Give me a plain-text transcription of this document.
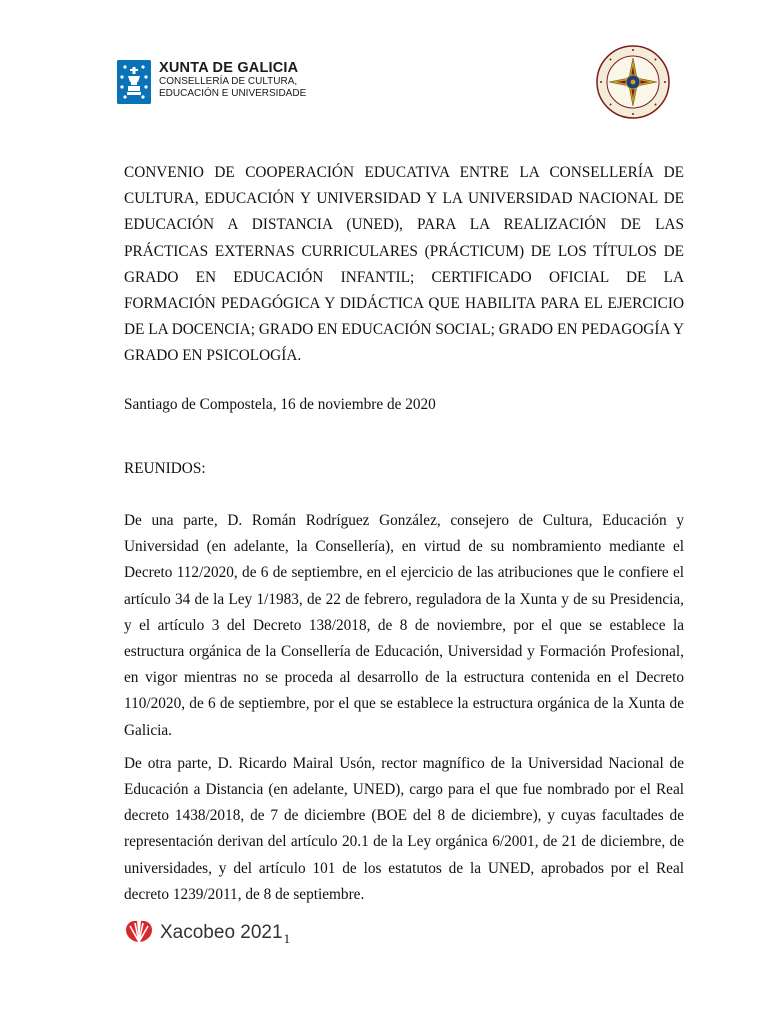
XUNTA DE GALICIA
CONSELLERÍA DE CULTURA,
EDUCACIÓN E UNIVERSIDADE

CONVENIO DE COOPERACIÓN EDUCATIVA ENTRE LA CONSELLERÍA DE CULTURA, EDUCACIÓN Y UNIVERSIDAD Y LA UNIVERSIDAD NACIONAL DE EDUCACIÓN A DISTANCIA (UNED), PARA LA REALIZACIÓN DE LAS PRÁCTICAS EXTERNAS CURRICULARES (PRÁCTICUM) DE LOS TÍTULOS DE GRADO EN EDUCACIÓN INFANTIL; CERTIFICADO OFICIAL DE LA FORMACIÓN PEDAGÓGICA Y DIDÁCTICA QUE HABILITA PARA EL EJERCICIO DE LA DOCENCIA; GRADO EN EDUCACIÓN SOCIAL; GRADO EN PEDAGOGÍA Y GRADO EN PSICOLOGÍA.

Santiago de Compostela, 16 de noviembre de 2020
REUNIDOS:

De una parte, D. Román Rodríguez González, consejero de Cultura, Educación y Universidad (en adelante, la Consellería), en virtud de su nombramiento mediante el Decreto 112/2020, de 6 de septiembre, en el ejercicio de las atribuciones que le confiere el artículo 34 de la Ley 1/1983, de 22 de febrero, reguladora de la Xunta y de su Presidencia, y el artículo 3 del Decreto 138/2018, de 8 de noviembre, por el que se establece la estructura orgánica de la Consellería de Educación, Universidad y Formación Profesional, en vigor mientras no se proceda al desarrollo de la estructura contenida en el Decreto 110/2020, de 6 de septiembre, por el que se establece la estructura orgánica de la Xunta de Galicia.

De otra parte, D. Ricardo Mairal Usón, rector magnífico de la Universidad Nacional de Educación a Distancia (en adelante, UNED), cargo para el que fue nombrado por el Real decreto 1438/2018, de 7 de diciembre (BOE del 8 de diciembre), y cuyas facultades de representación derivan del artículo 20.1 de la Ley orgánica 6/2001, de 21 de diciembre, de universidades, y del artículo 101 de los estatutos de la UNED, aprobados por el Real decreto 1239/2011, de 8 de septiembre.

Xacobeo 2021 1
